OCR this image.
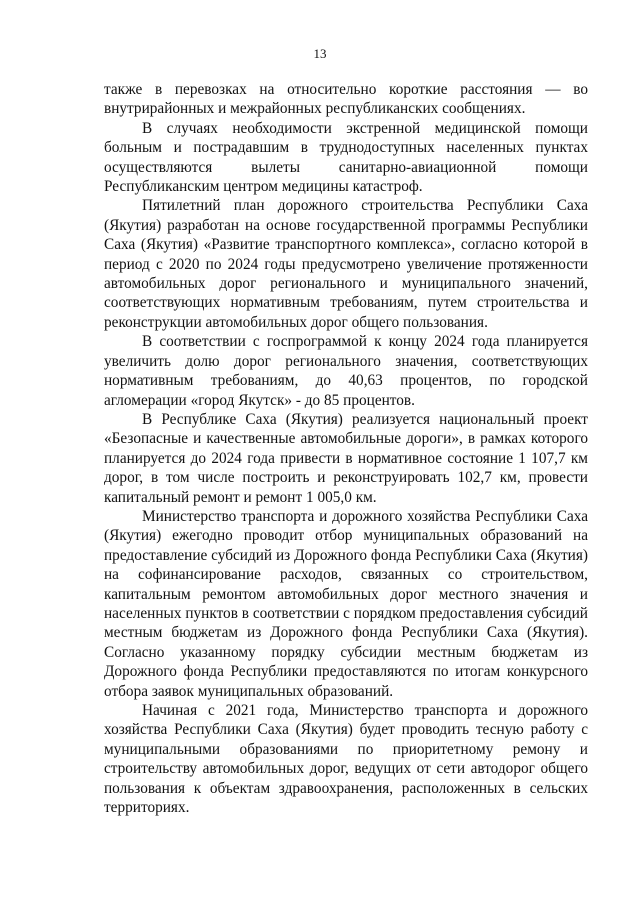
13

также в перевозках на относительно короткие расстояния — во внутрирайонных и межрайонных республиканских сообщениях.

В случаях необходимости экстренной медицинской помощи больным и пострадавшим в труднодоступных населенных пунктах осуществляются вылеты санитарно-авиационной помощи Республиканским центром медицины катастроф.

Пятилетний план дорожного строительства Республики Саха (Якутия) разработан на основе государственной программы Республики Саха (Якутия) «Развитие транспортного комплекса», согласно которой в период с 2020 по 2024 годы предусмотрено увеличение протяженности автомобильных дорог регионального и муниципального значений, соответствующих нормативным требованиям, путем строительства и реконструкции автомобильных дорог общего пользования.

В соответствии с госпрограммой к концу 2024 года планируется увеличить долю дорог регионального значения, соответствующих нормативным требованиям, до 40,63 процентов, по городской агломерации «город Якутск» - до 85 процентов.

В Республике Саха (Якутия) реализуется национальный проект «Безопасные и качественные автомобильные дороги», в рамках которого планируется до 2024 года привести в нормативное состояние 1 107,7 км дорог, в том числе построить и реконструировать 102,7 км, провести капитальный ремонт и ремонт 1 005,0 км.

Министерство транспорта и дорожного хозяйства Республики Саха (Якутия) ежегодно проводит отбор муниципальных образований на предоставление субсидий из Дорожного фонда Республики Саха (Якутия) на софинансирование расходов, связанных со строительством, капитальным ремонтом автомобильных дорог местного значения и населенных пунктов в соответствии с порядком предоставления субсидий местным бюджетам из Дорожного фонда Республики Саха (Якутия). Согласно указанному порядку субсидии местным бюджетам из Дорожного фонда Республики предоставляются по итогам конкурсного отбора заявок муниципальных образований.

Начиная с 2021 года, Министерство транспорта и дорожного хозяйства Республики Саха (Якутия) будет проводить тесную работу с муниципальными образованиями по приоритетному ремону и строительству автомобильных дорог, ведущих от сети автодорог общего пользования к объектам здравоохранения, расположенных в сельских территориях.
